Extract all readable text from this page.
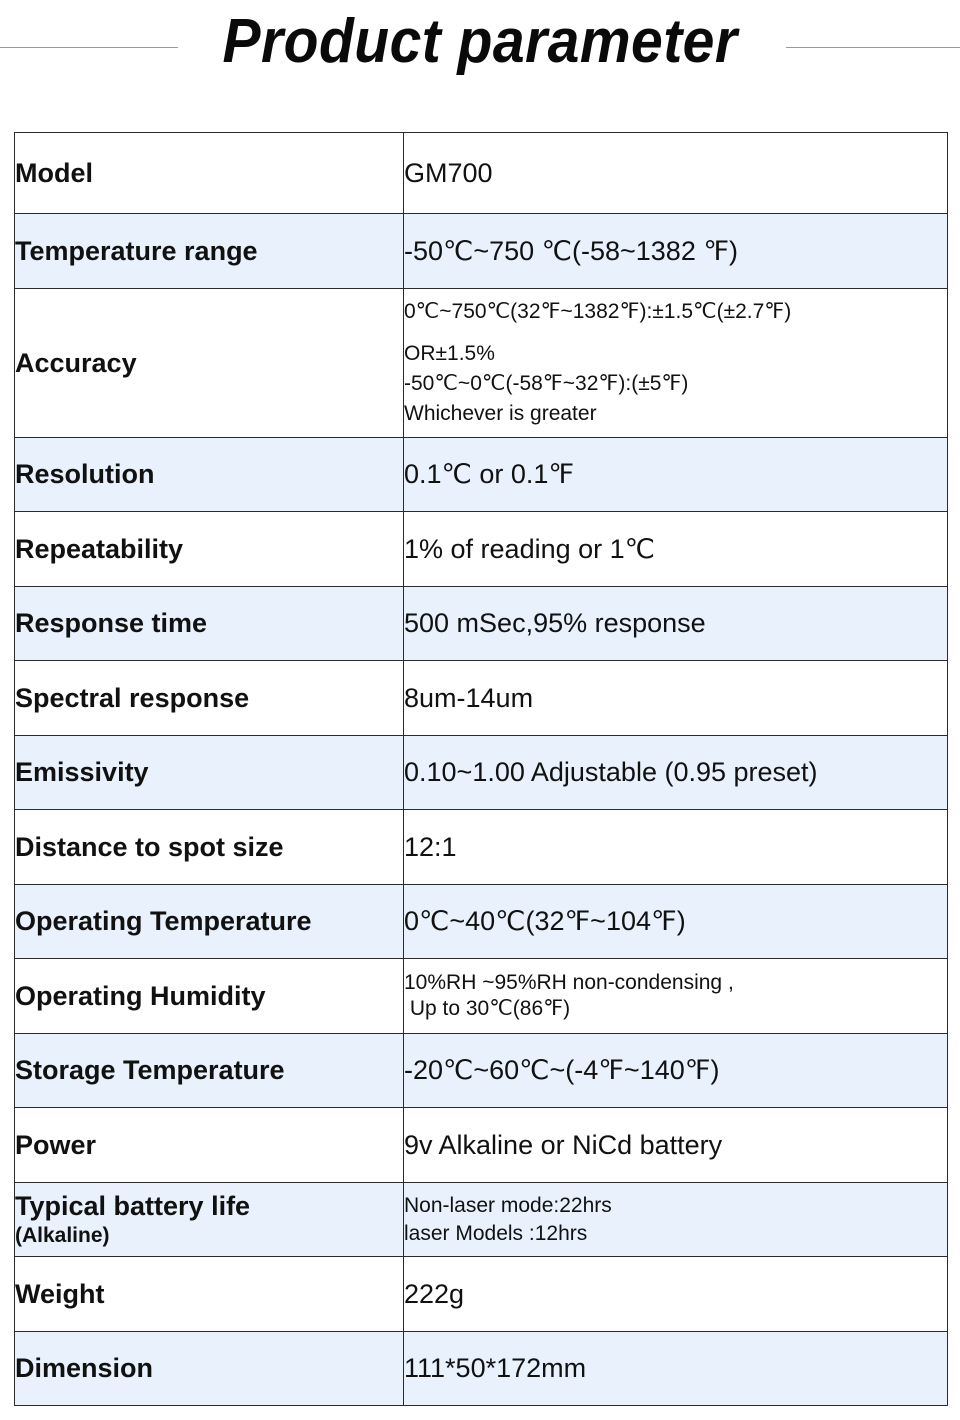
Product parameter
Model	GM700
Temperature range	-50℃~750 ℃(-58~1382 ℉)
Accuracy	0℃~750℃(32℉~1382℉):±1.5℃(±2.7℉)
OR±1.5%
-50℃~0℃(-58℉~32℉):(±5℉)
Whichever is greater

Resolution	0.1℃ or 0.1℉
Repeatability	1% of reading or 1℃
Response time	500 mSec,95% response
Spectral response	8um-14um
Emissivity	0.10~1.00 Adjustable (0.95 preset)
Distance to spot size	12:1
Operating Temperature	0℃~40℃(32℉~104℉)
Operating Humidity	10%RH ~95%RH non-condensing ,
Up to 30℃(86℉)

Storage Temperature	-20℃~60℃~(-4℉~140℉)
Power	9v Alkaline or NiCd battery
Typical battery life
(Alkaline)	Non-laser mode:22hrs
laser Models :12hrs

Weight	222g
Dimension	111*50*172mm
